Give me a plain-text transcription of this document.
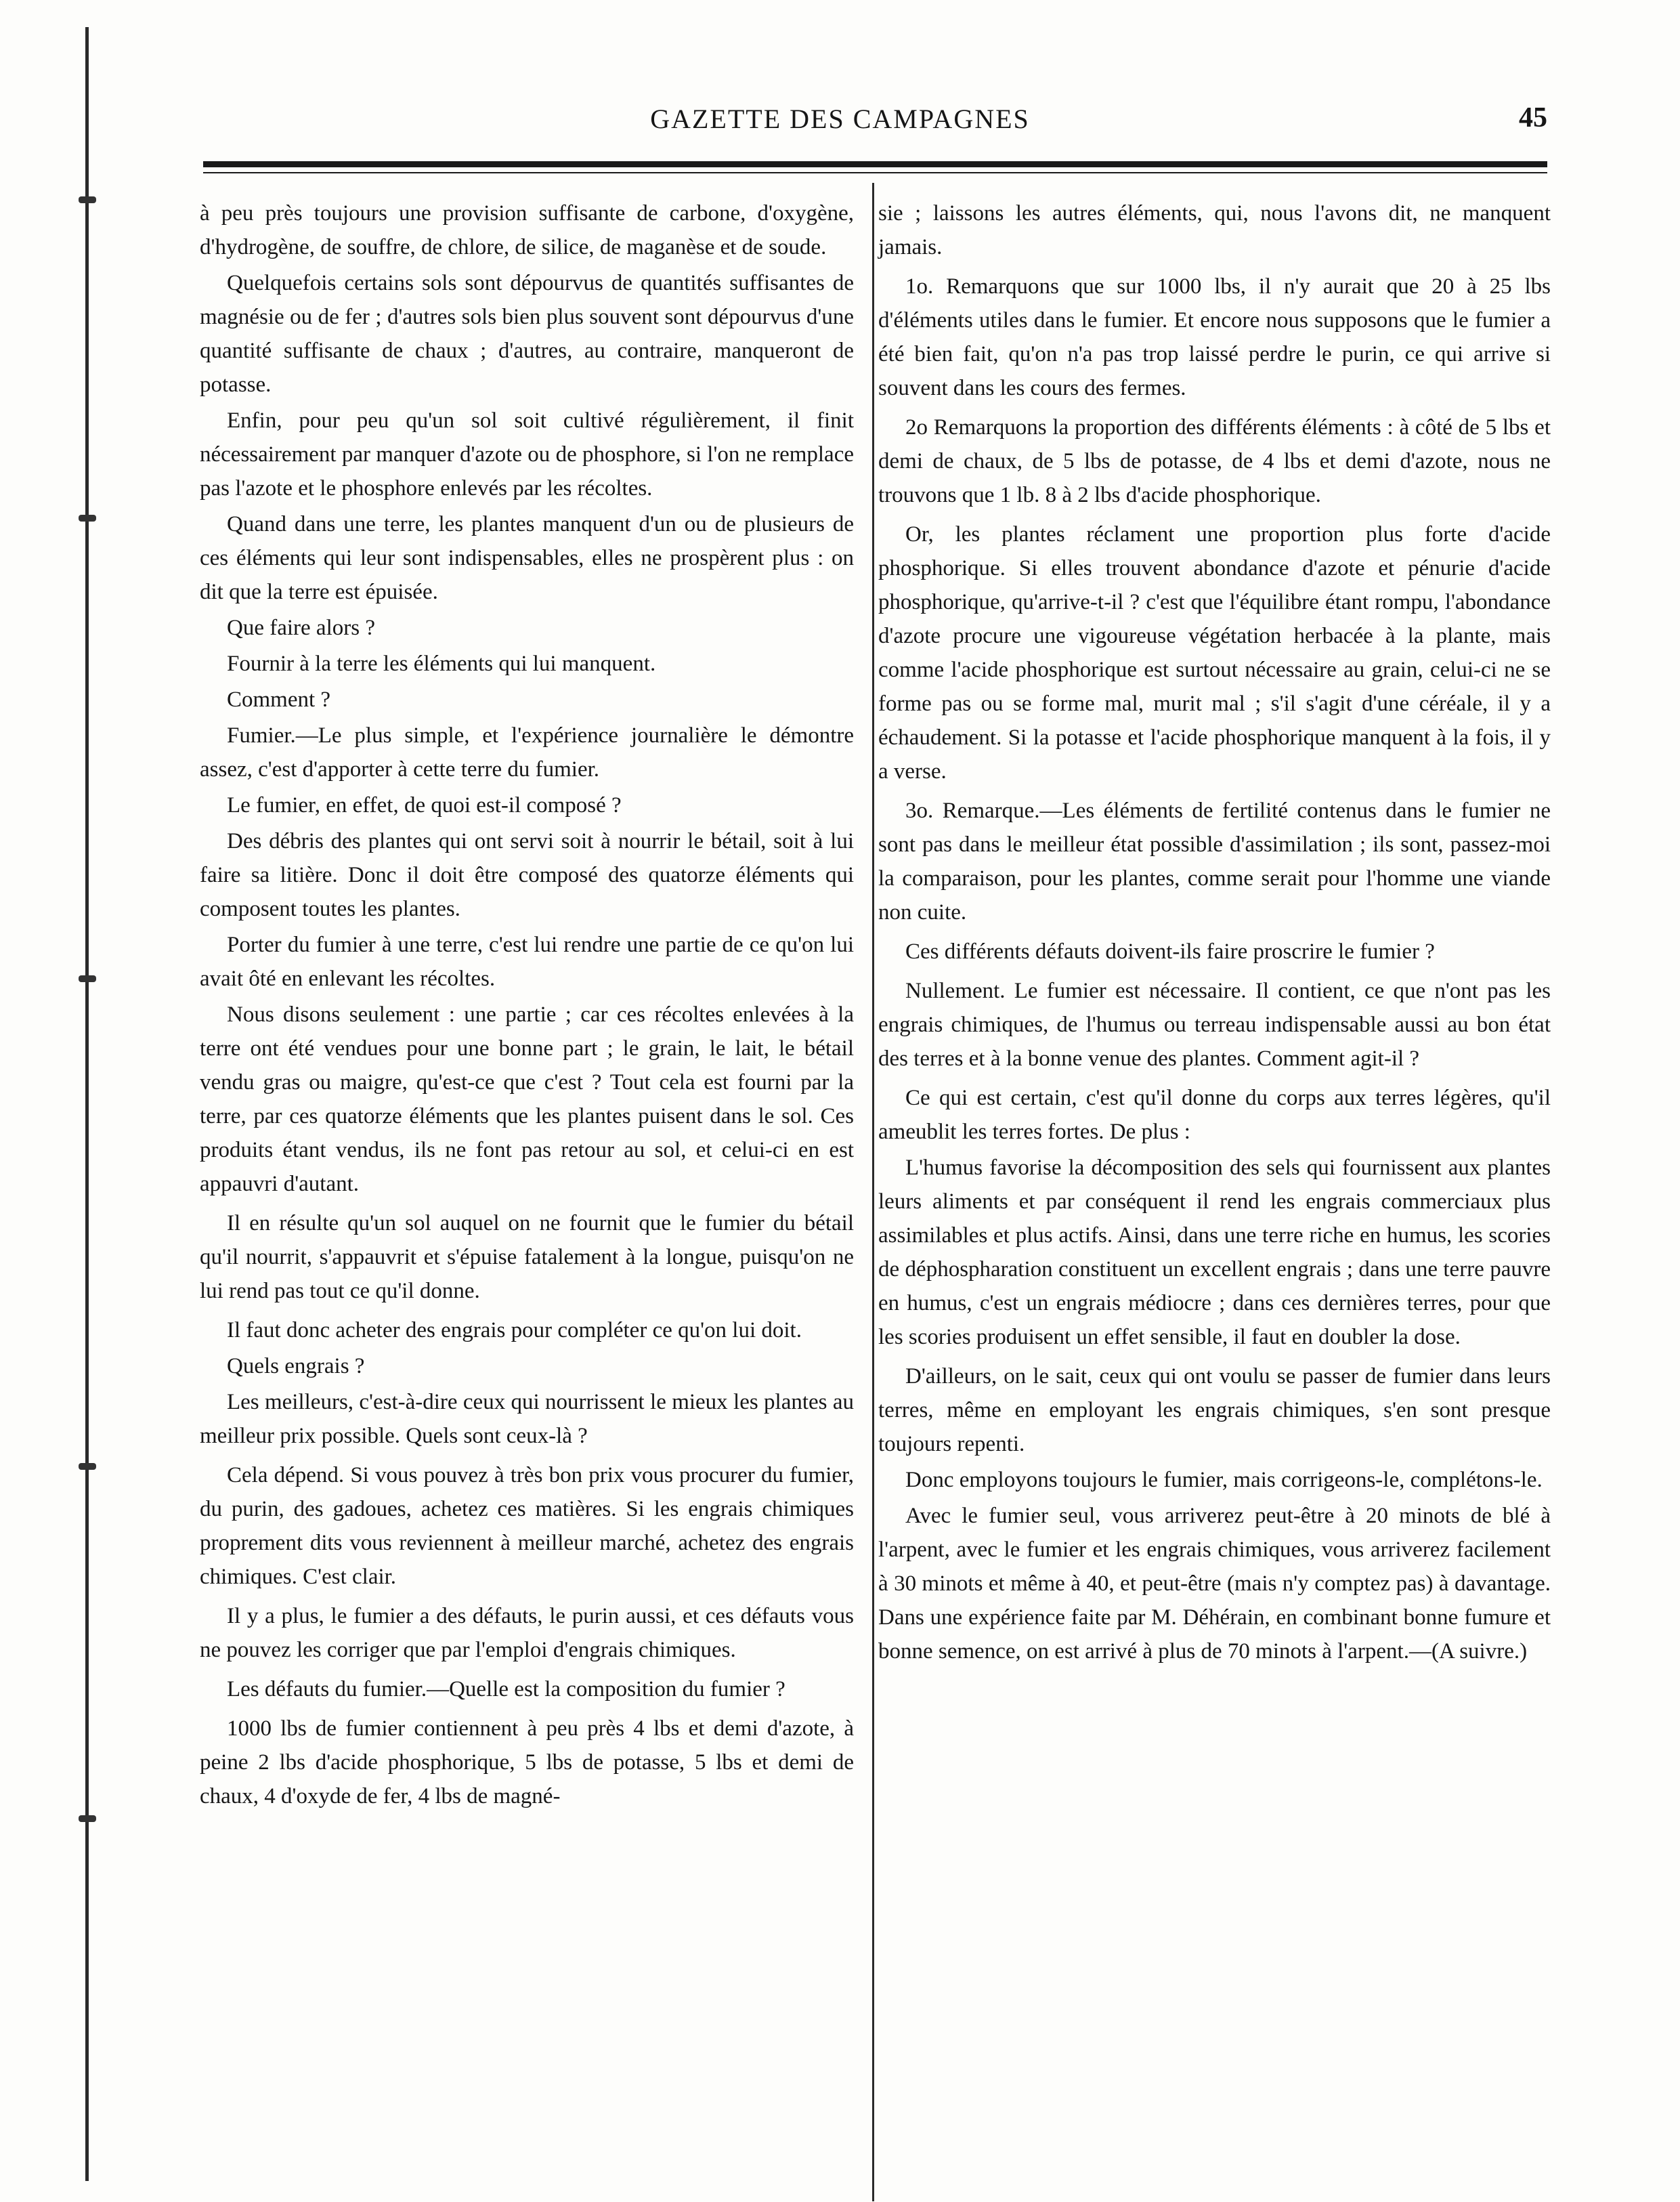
GAZETTE DES CAMPAGNES	45

à peu près toujours une provision suffisante de carbone, d'oxygène, d'hydrogène, de souffre, de chlore, de silice, de maganèse et de soude.

Quelquefois certains sols sont dépourvus de quantités suffisantes de magnésie ou de fer ; d'autres sols bien plus souvent sont dépourvus d'une quantité suffisante de chaux ; d'autres, au contraire, manqueront de potasse.

Enfin, pour peu qu'un sol soit cultivé régulièrement, il finit nécessairement par manquer d'azote ou de phosphore, si l'on ne remplace pas l'azote et le phosphore enlevés par les récoltes.

Quand dans une terre, les plantes manquent d'un ou de plusieurs de ces éléments qui leur sont indispensables, elles ne prospèrent plus : on dit que la terre est épuisée.

Que faire alors ?

Fournir à la terre les éléments qui lui manquent.

Comment ?

Fumier.—Le plus simple, et l'expérience journalière le démontre assez, c'est d'apporter à cette terre du fumier.

Le fumier, en effet, de quoi est-il composé ?

Des débris des plantes qui ont servi soit à nourrir le bétail, soit à lui faire sa litière. Donc il doit être composé des quatorze éléments qui composent toutes les plantes.

Porter du fumier à une terre, c'est lui rendre une partie de ce qu'on lui avait ôté en enlevant les récoltes.

Nous disons seulement : une partie ; car ces récoltes enlevées à la terre ont été vendues pour une bonne part ; le grain, le lait, le bétail vendu gras ou maigre, qu'est-ce que c'est ? Tout cela est fourni par la terre, par ces quatorze éléments que les plantes puisent dans le sol. Ces produits étant vendus, ils ne font pas retour au sol, et celui-ci en est appauvri d'autant.

Il en résulte qu'un sol auquel on ne fournit que le fumier du bétail qu'il nourrit, s'appauvrit et s'épuise fatalement à la longue, puisqu'on ne lui rend pas tout ce qu'il donne.

Il faut donc acheter des engrais pour compléter ce qu'on lui doit.

Quels engrais ?

Les meilleurs, c'est-à-dire ceux qui nourrissent le mieux les plantes au meilleur prix possible. Quels sont ceux-là ?

Cela dépend. Si vous pouvez à très bon prix vous procurer du fumier, du purin, des gadoues, achetez ces matières. Si les engrais chimiques proprement dits vous reviennent à meilleur marché, achetez des engrais chimiques. C'est clair.

Il y a plus, le fumier a des défauts, le purin aussi, et ces défauts vous ne pouvez les corriger que par l'emploi d'engrais chimiques.

Les défauts du fumier.—Quelle est la composition du fumier ?

1000 lbs de fumier contiennent à peu près 4 lbs et demi d'azote, à peine 2 lbs d'acide phosphorique, 5 lbs de potasse, 5 lbs et demi de chaux, 4 d'oxyde de fer, 4 lbs de magné-

sie ; laissons les autres éléments, qui, nous l'avons dit, ne manquent jamais.

1o. Remarquons que sur 1000 lbs, il n'y aurait que 20 à 25 lbs d'éléments utiles dans le fumier. Et encore nous supposons que le fumier a été bien fait, qu'on n'a pas trop laissé perdre le purin, ce qui arrive si souvent dans les cours des fermes.

2o Remarquons la proportion des différents éléments : à côté de 5 lbs et demi de chaux, de 5 lbs de potasse, de 4 lbs et demi d'azote, nous ne trouvons que 1 lb. 8 à 2 lbs d'acide phosphorique.

Or, les plantes réclament une proportion plus forte d'acide phosphorique. Si elles trouvent abondance d'azote et pénurie d'acide phosphorique, qu'arrive-t-il ? c'est que l'équilibre étant rompu, l'abondance d'azote procure une vigoureuse végétation herbacée à la plante, mais comme l'acide phosphorique est surtout nécessaire au grain, celui-ci ne se forme pas ou se forme mal, murit mal ; s'il s'agit d'une céréale, il y a échaudement. Si la potasse et l'acide phosphorique manquent à la fois, il y a verse.

3o. Remarque.—Les éléments de fertilité contenus dans le fumier ne sont pas dans le meilleur état possible d'assimilation ; ils sont, passez-moi la comparaison, pour les plantes, comme serait pour l'homme une viande non cuite.

Ces différents défauts doivent-ils faire proscrire le fumier ?

Nullement. Le fumier est nécessaire. Il contient, ce que n'ont pas les engrais chimiques, de l'humus ou terreau indispensable aussi au bon état des terres et à la bonne venue des plantes. Comment agit-il ?

Ce qui est certain, c'est qu'il donne du corps aux terres légères, qu'il ameublit les terres fortes. De plus :

L'humus favorise la décomposition des sels qui fournissent aux plantes leurs aliments et par conséquent il rend les engrais commerciaux plus assimilables et plus actifs. Ainsi, dans une terre riche en humus, les scories de déphospharation constituent un excellent engrais ; dans une terre pauvre en humus, c'est un engrais médiocre ; dans ces dernières terres, pour que les scories produisent un effet sensible, il faut en doubler la dose.

D'ailleurs, on le sait, ceux qui ont voulu se passer de fumier dans leurs terres, même en employant les engrais chimiques, s'en sont presque toujours repenti.

Donc employons toujours le fumier, mais corrigeons-le, complétons-le.

Avec le fumier seul, vous arriverez peut-être à 20 minots de blé à l'arpent, avec le fumier et les engrais chimiques, vous arriverez facilement à 30 minots et même à 40, et peut-être (mais n'y comptez pas) à davantage. Dans une expérience faite par M. Déhérain, en combinant bonne fumure et bonne semence, on est arrivé à plus de 70 minots à l'arpent.—(A suivre.)
